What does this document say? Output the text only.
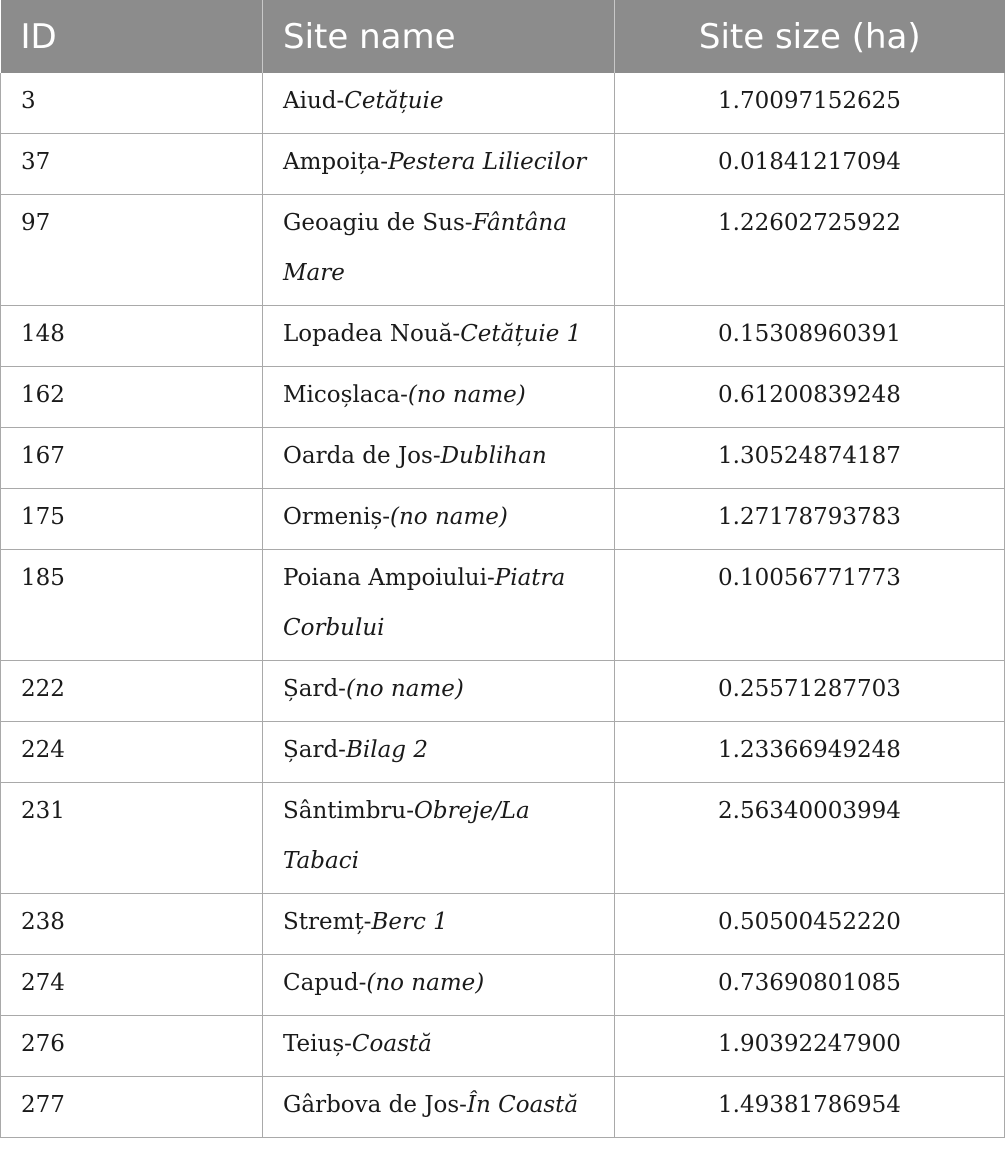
ID	Site name	Site size (ha)
3	Aiud-Cetățuie	1.70097152625
37	Ampoița-Pestera Liliecilor	0.01841217094
97	Geoagiu de Sus-Fântâna Mare	1.22602725922
148	Lopadea Nouă-Cetățuie 1	0.15308960391
162	Micoșlaca-(no name)	0.61200839248
167	Oarda de Jos-Dublihan	1.30524874187
175	Ormeniș-(no name)	1.27178793783
185	Poiana Ampoiului-Piatra Corbului	0.10056771773
222	Șard-(no name)	0.25571287703
224	Șard-Bilag 2	1.23366949248
231	Sântimbru-Obreje/La Tabaci	2.56340003994
238	Stremț-Berc 1	0.50500452220
274	Capud-(no name)	0.73690801085
276	Teiuș-Coastă	1.90392247900
277	Gârbova de Jos-În Coastă	1.49381786954
